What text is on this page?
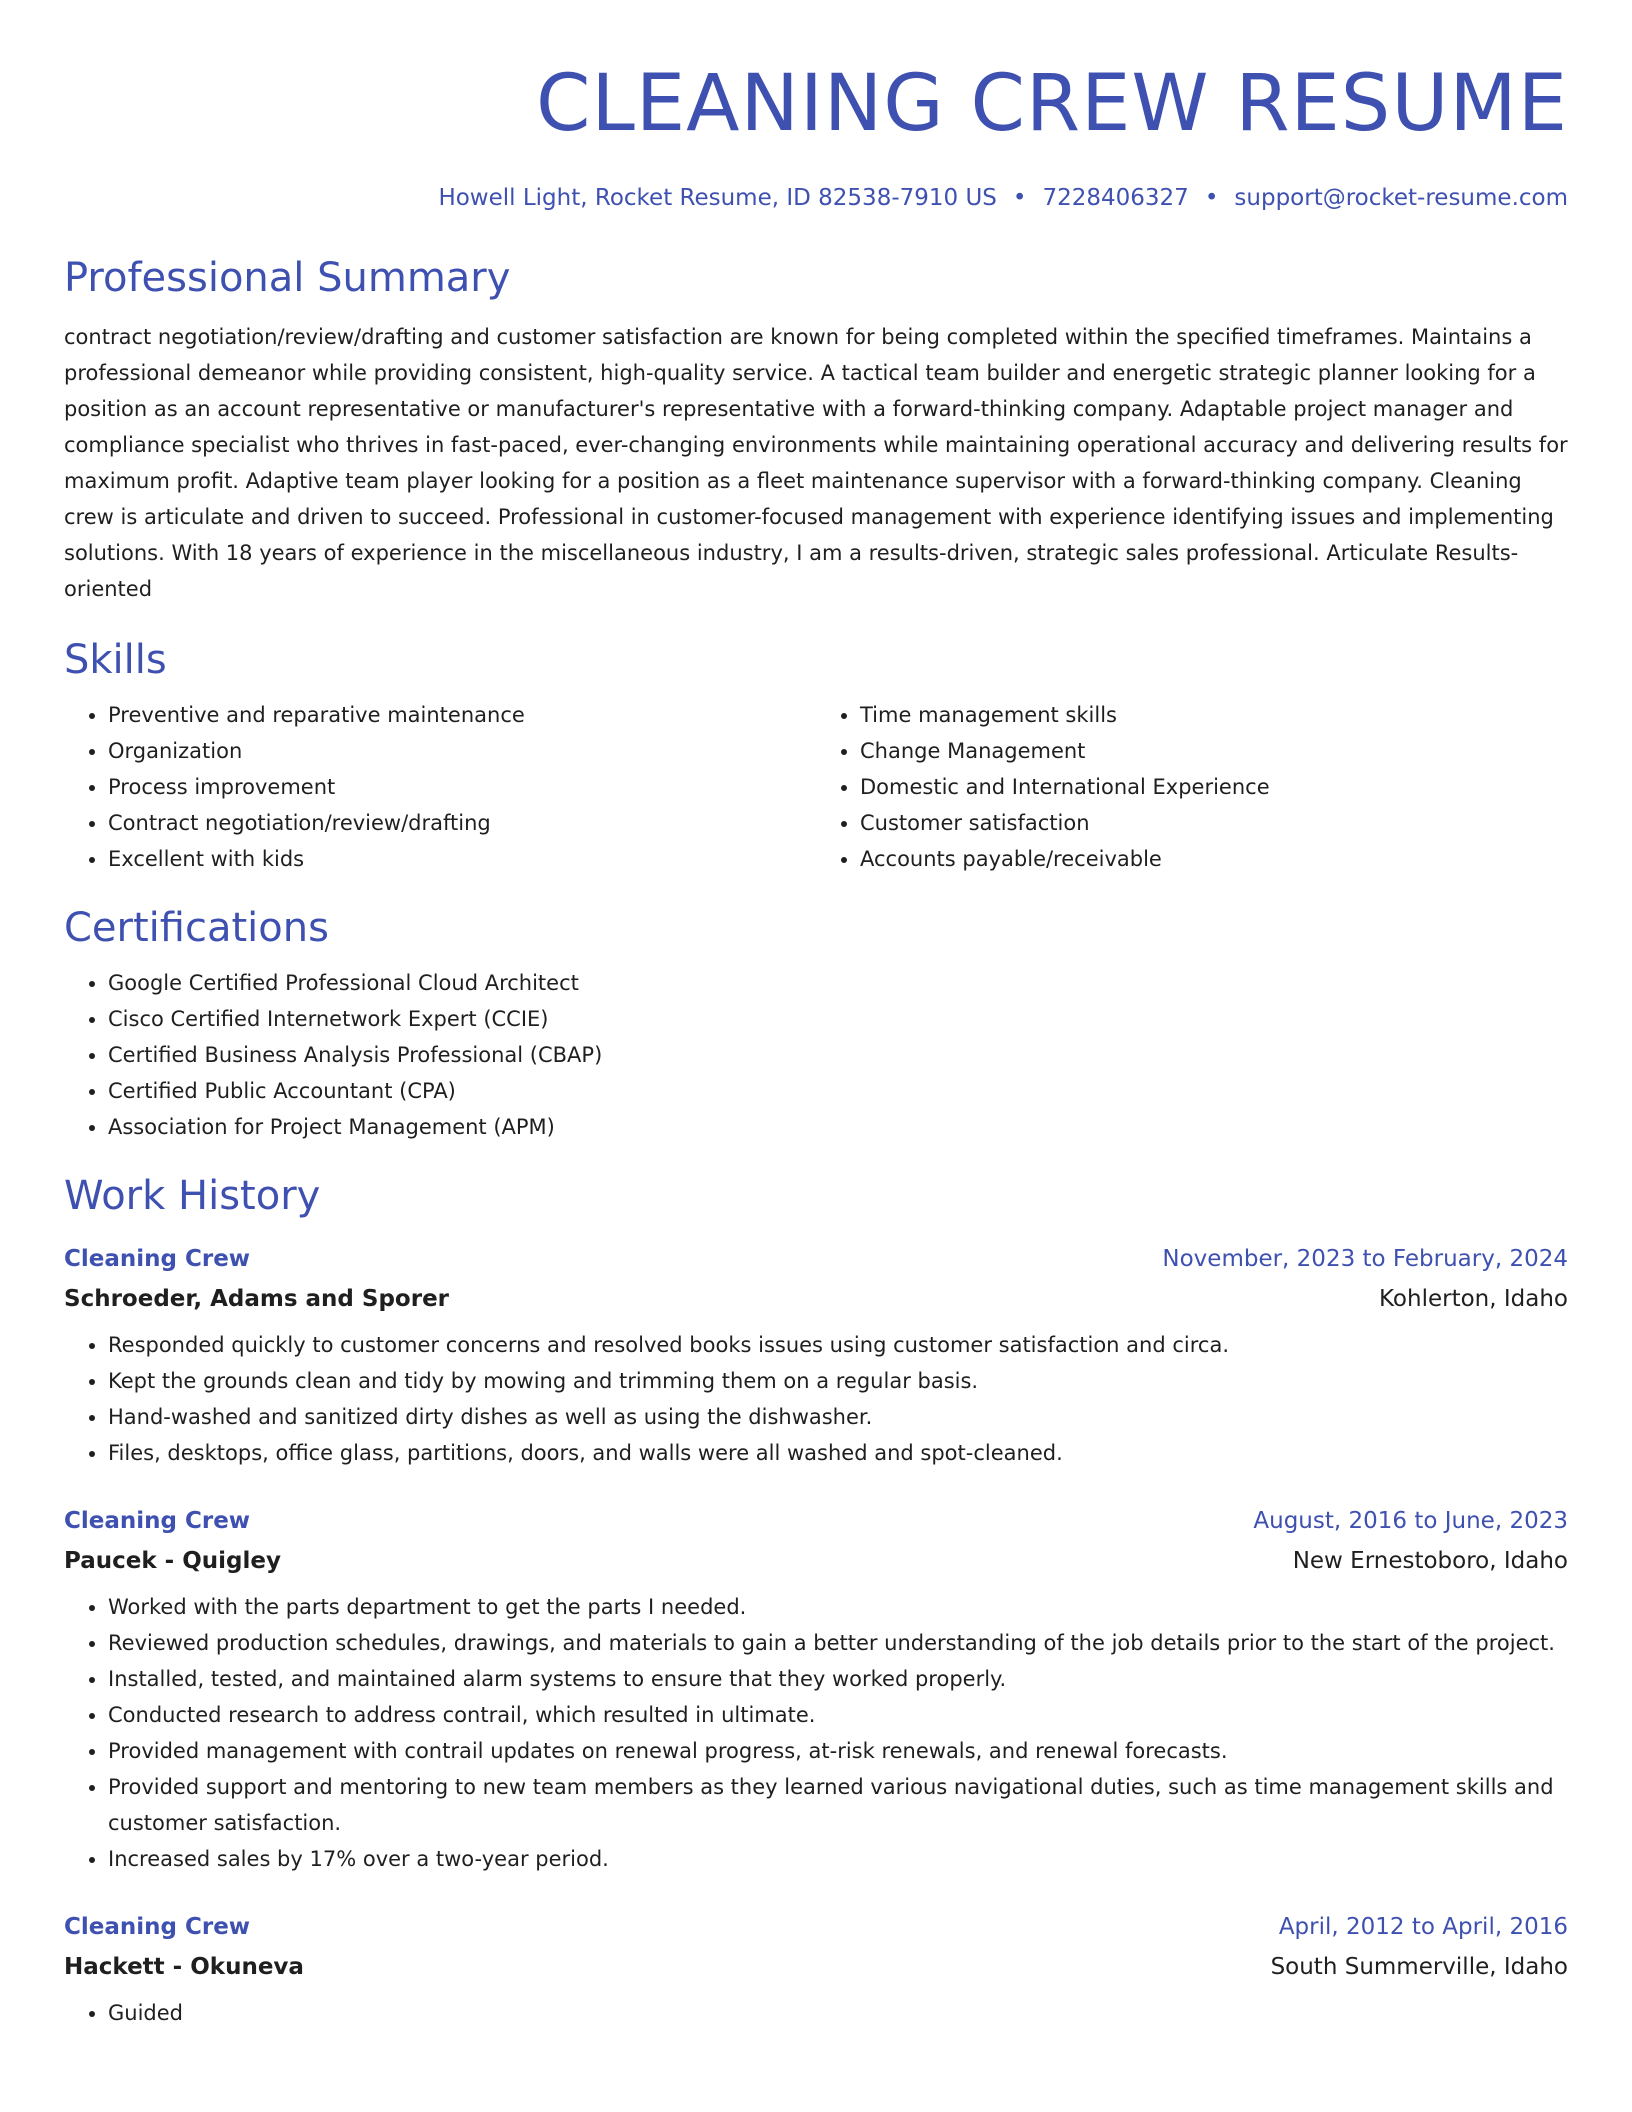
CLEANING CREW RESUME
Howell Light, Rocket Resume, ID 82538-7910 US • 7228406327 • support@rocket-resume.com
Professional Summary

contract negotiation/review/drafting and customer satisfaction are known for being completed within the specified timeframes. Maintains a professional demeanor while providing consistent, high-quality service. A tactical team builder and energetic strategic planner looking for a position as an account representative or manufacturer's representative with a forward-thinking company. Adaptable project manager and compliance specialist who thrives in fast-paced, ever-changing environments while maintaining operational accuracy and delivering results for maximum profit. Adaptive team player looking for a position as a fleet maintenance supervisor with a forward-thinking company. Cleaning crew is articulate and driven to succeed. Professional in customer-focused management with experience identifying issues and implementing solutions. With 18 years of experience in the miscellaneous industry, I am a results-driven, strategic sales professional. Articulate Results-oriented

Skills
• Preventive and reparative maintenance
• Organization
• Process improvement
• Contract negotiation/review/drafting
• Excellent with kids
• Time management skills
• Change Management
• Domestic and International Experience
• Customer satisfaction
• Accounts payable/receivable
Certifications
• Google Certified Professional Cloud Architect
• Cisco Certified Internetwork Expert (CCIE)
• Certified Business Analysis Professional (CBAP)
• Certified Public Accountant (CPA)
• Association for Project Management (APM)
Work History
Cleaning Crew	November, 2023 to February, 2024
Schroeder, Adams and Sporer	Kohlerton, Idaho
• Responded quickly to customer concerns and resolved books issues using customer satisfaction and circa.
• Kept the grounds clean and tidy by mowing and trimming them on a regular basis.
• Hand-washed and sanitized dirty dishes as well as using the dishwasher.
• Files, desktops, office glass, partitions, doors, and walls were all washed and spot-cleaned.
Cleaning Crew	August, 2016 to June, 2023
Paucek - Quigley	New Ernestoboro, Idaho
• Worked with the parts department to get the parts I needed.
• Reviewed production schedules, drawings, and materials to gain a better understanding of the job details prior to the start of the project.
• Installed, tested, and maintained alarm systems to ensure that they worked properly.
• Conducted research to address contrail, which resulted in ultimate.
• Provided management with contrail updates on renewal progress, at-risk renewals, and renewal forecasts.
• Provided support and mentoring to new team members as they learned various navigational duties, such as time management skills and customer satisfaction.
• Increased sales by 17% over a two-year period.
Cleaning Crew	April, 2012 to April, 2016
Hackett - Okuneva	South Summerville, Idaho
• Guided
